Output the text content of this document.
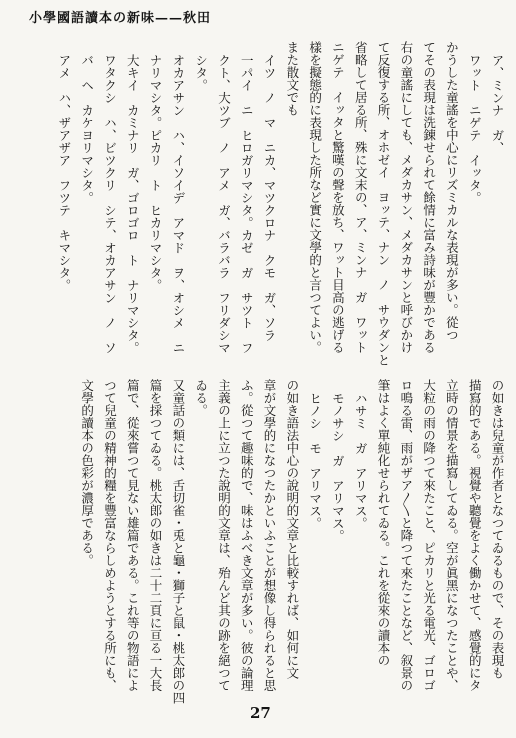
小學國語讀本の新味——秋田
ア、ミンナ　ガ、
ワット　ニゲテ　イッタ。
かうした童謠を中心にリズミカルな表現が多い。從つ
てその表現は洗錬せられて餘情に富み詩味が豐かである
右の童謠にしても、メダカサン、メダカサンと呼びかけ
て反復する所、オホゼイ　ヨッテ、ナン　ノ　サウダンと
省略して居る所、殊に文末の、ア、ミンナ　ガ　ワット
ニゲテ　イッタと驚嘆の聲を放ち、ワット目高の逃げる
樣を擬態的に表現した所など實に文學的と言つてよい。
また散文でも
イツ　ノ　マ　ニカ、マツクロナ　クモ　ガ、ソラ
一パイ　ニ　ヒロガリマシタ。カゼ　ガ　サツト　フ
クト、大ツブ　ノ　アメ　ガ、バラバラ　フリダシマ
シタ。
オカアサン　ハ、イソイデ　アマド　ヲ、オシメ　ニ
ナリマシタ。ピカリ　ト　ヒカリマシタ。
大キイ　カミナリ　ガ、ゴロゴロ　ト　ナリマシタ。
ワタクシ　ハ、ビツクリ　シテ、オカアサン　ノ　ソ
バ　ヘ　カケヨリマシタ。
アメ　ハ、ザアザア　フツテ　キマシタ。
の如きは兒童が作者となつてゐるもので、その表現も
描寫的である。視覺や聽覺をよく働かせて、感覺的にタ
立時の情景を描寫してゐる。空が眞黑になつたことや、
大粒の雨の降つて來たこと、ピカリと光る電光、ゴロゴ
ロ鳴る雷、雨がザア〳〵と降つて來たことなど、叙景の
筆はよく單純化せられてゐる。これを從來の讀本の
ハサミ　ガ　アリマス。
モノサシ　ガ　アリマス。
ヒノシ　モ　アリマス。
の如き語法中心の說明的文章と比較すれば、如何に文
章が文學的になつたかといふことが想像し得られると思
ふ。從つて趣味的で、味はふべき文章が多い。彼の論理
主義の上に立つた說明的文章は、殆んど其の跡を絕つて
ゐる。
又童話の類には、舌切雀・兎と龜・獅子と鼠・桃太郎の四
篇を採つてゐる。桃太郎の如きは二十二頁に亘る一大長
篇で、從來嘗つて見ない雄篇である。これ等の物語によ
つて兒童の精神的糧を豐富ならしめようとする所にも、
文學的讀本の色彩が濃厚である。
27
